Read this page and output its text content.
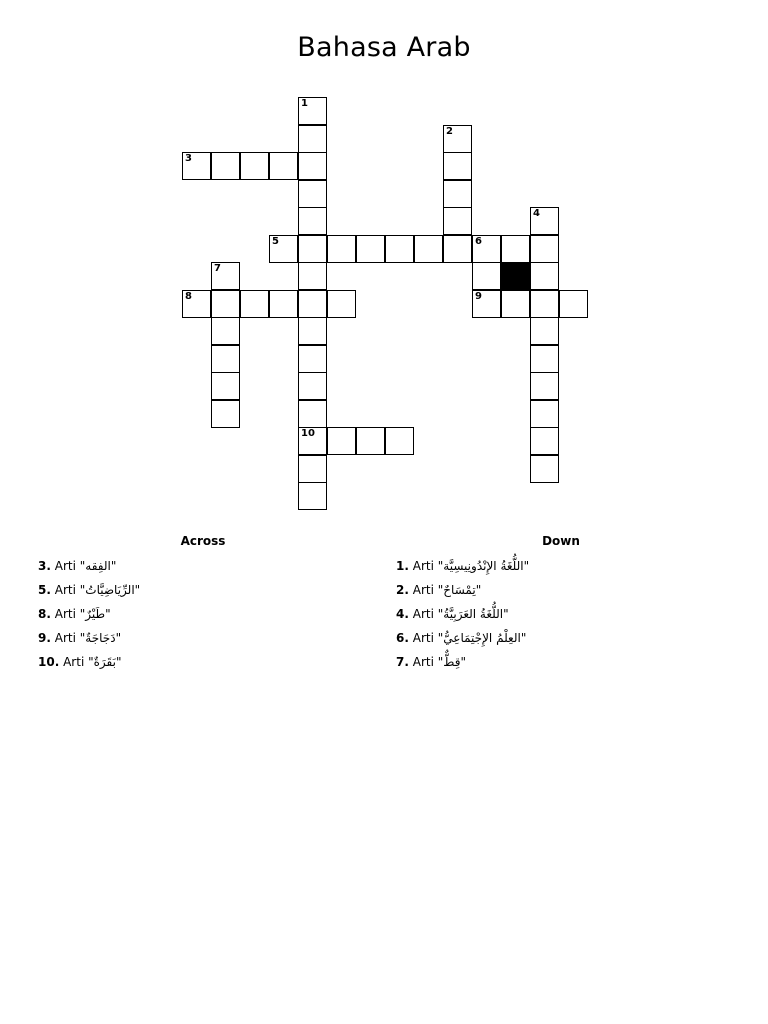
Bahasa Arab
1
10
2
3
4
5	6
9
7
8
Across
3. Arti "الفِقه"
5. Arti "الرِّيَاضِيَّاتُ"
8. Arti "طَيْرٌ"
9. Arti "دَجَاجَةٌ"
10. Arti "بَقَرَةٌ"
Down
1. Arti "اللُّغَةُ الإِنْدُونِيسِيَّة"
2. Arti "تِمْسَاحٌ"
4. Arti "اللُّغَةُ العَرَبِيَّةُ"
6. Arti "العِلْمُ الإِجْتِمَاعِيُّ"
7. Arti "قِطٌّ"
